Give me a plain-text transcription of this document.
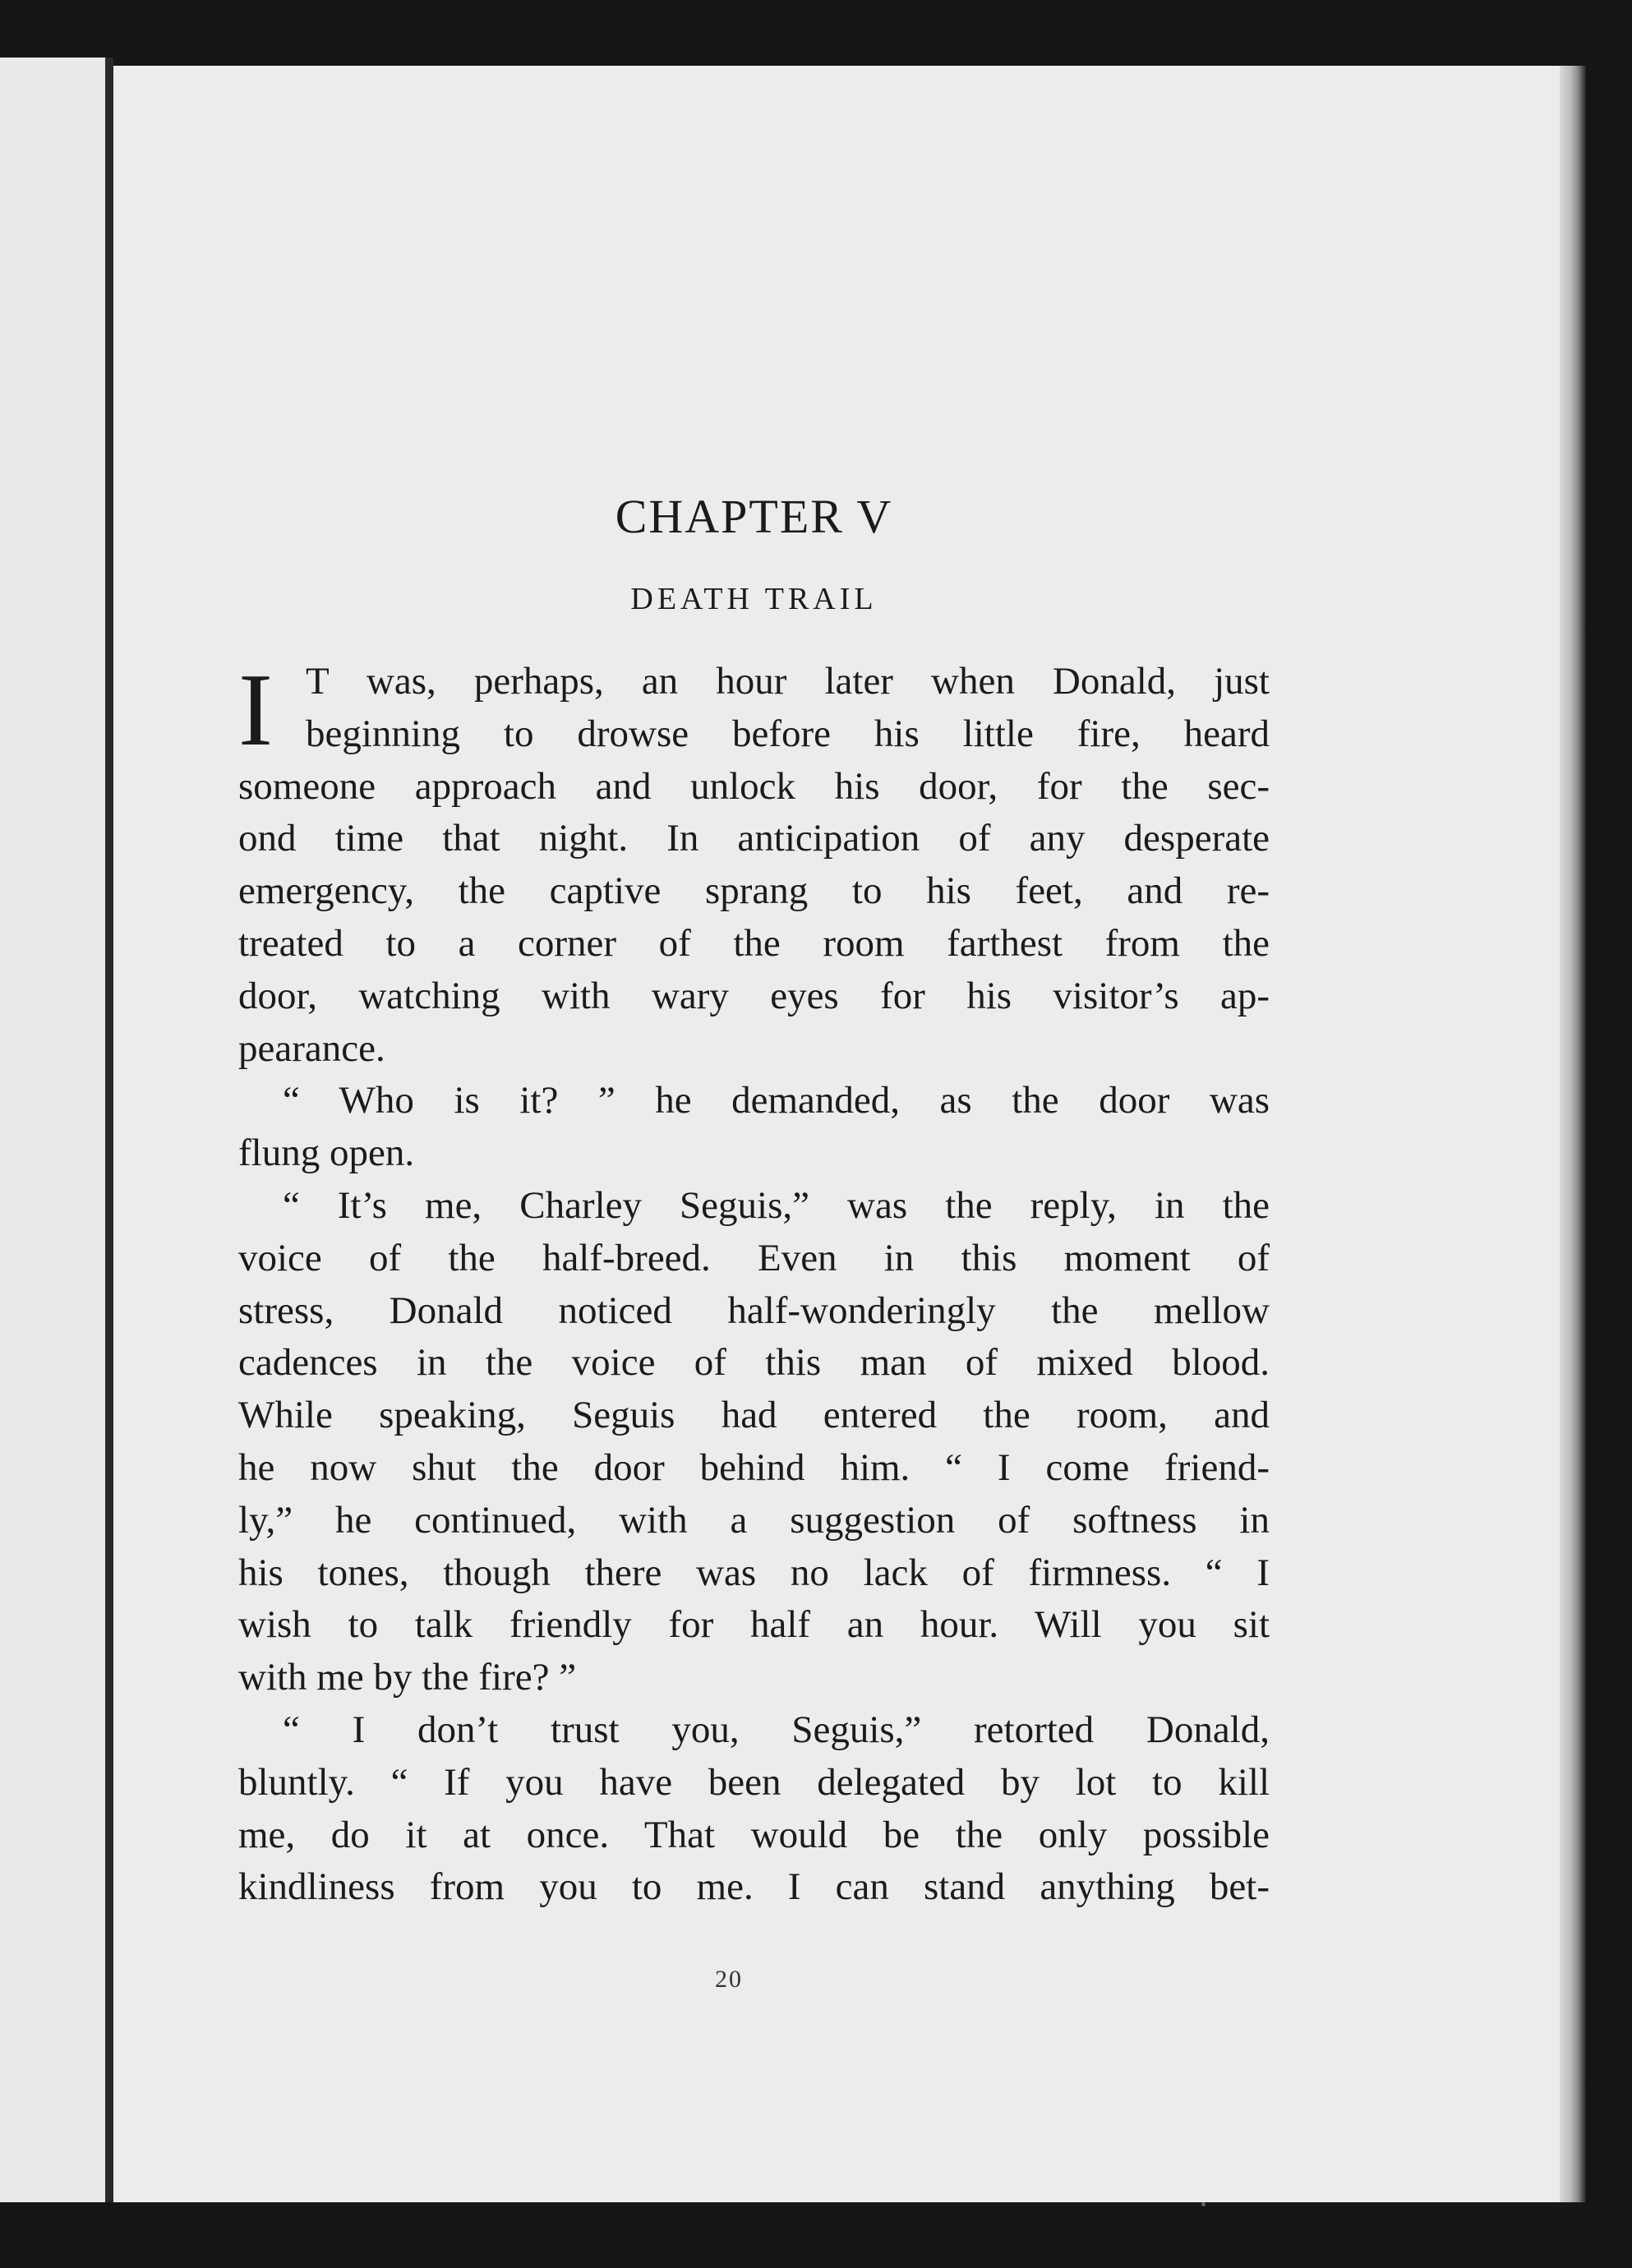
CHAPTER V
DEATH TRAIL
I T was, perhaps, an hour later when Donald, just
beginning to drowse before his little fire, heard
someone approach and unlock his door, for the sec-
ond time that night. In anticipation of any desperate
emergency, the captive sprang to his feet, and re-
treated to a corner of the room farthest from the
door, watching with wary eyes for his visitor’s ap-
pearance.
“ Who is it? ” he demanded, as the door was
flung open.
“ It’s me, Charley Seguis,” was the reply, in the
voice of the half-breed. Even in this moment of
stress, Donald noticed half-wonderingly the mellow
cadences in the voice of this man of mixed blood.
While speaking, Seguis had entered the room, and
he now shut the door behind him. “ I come friend-
ly,” he continued, with a suggestion of softness in
his tones, though there was no lack of firmness. “ I
wish to talk friendly for half an hour. Will you sit
with me by the fire? ”
“ I don’t trust you, Seguis,” retorted Donald,
bluntly. “ If you have been delegated by lot to kill
me, do it at once. That would be the only possible
kindliness from you to me. I can stand anything bet-
20
